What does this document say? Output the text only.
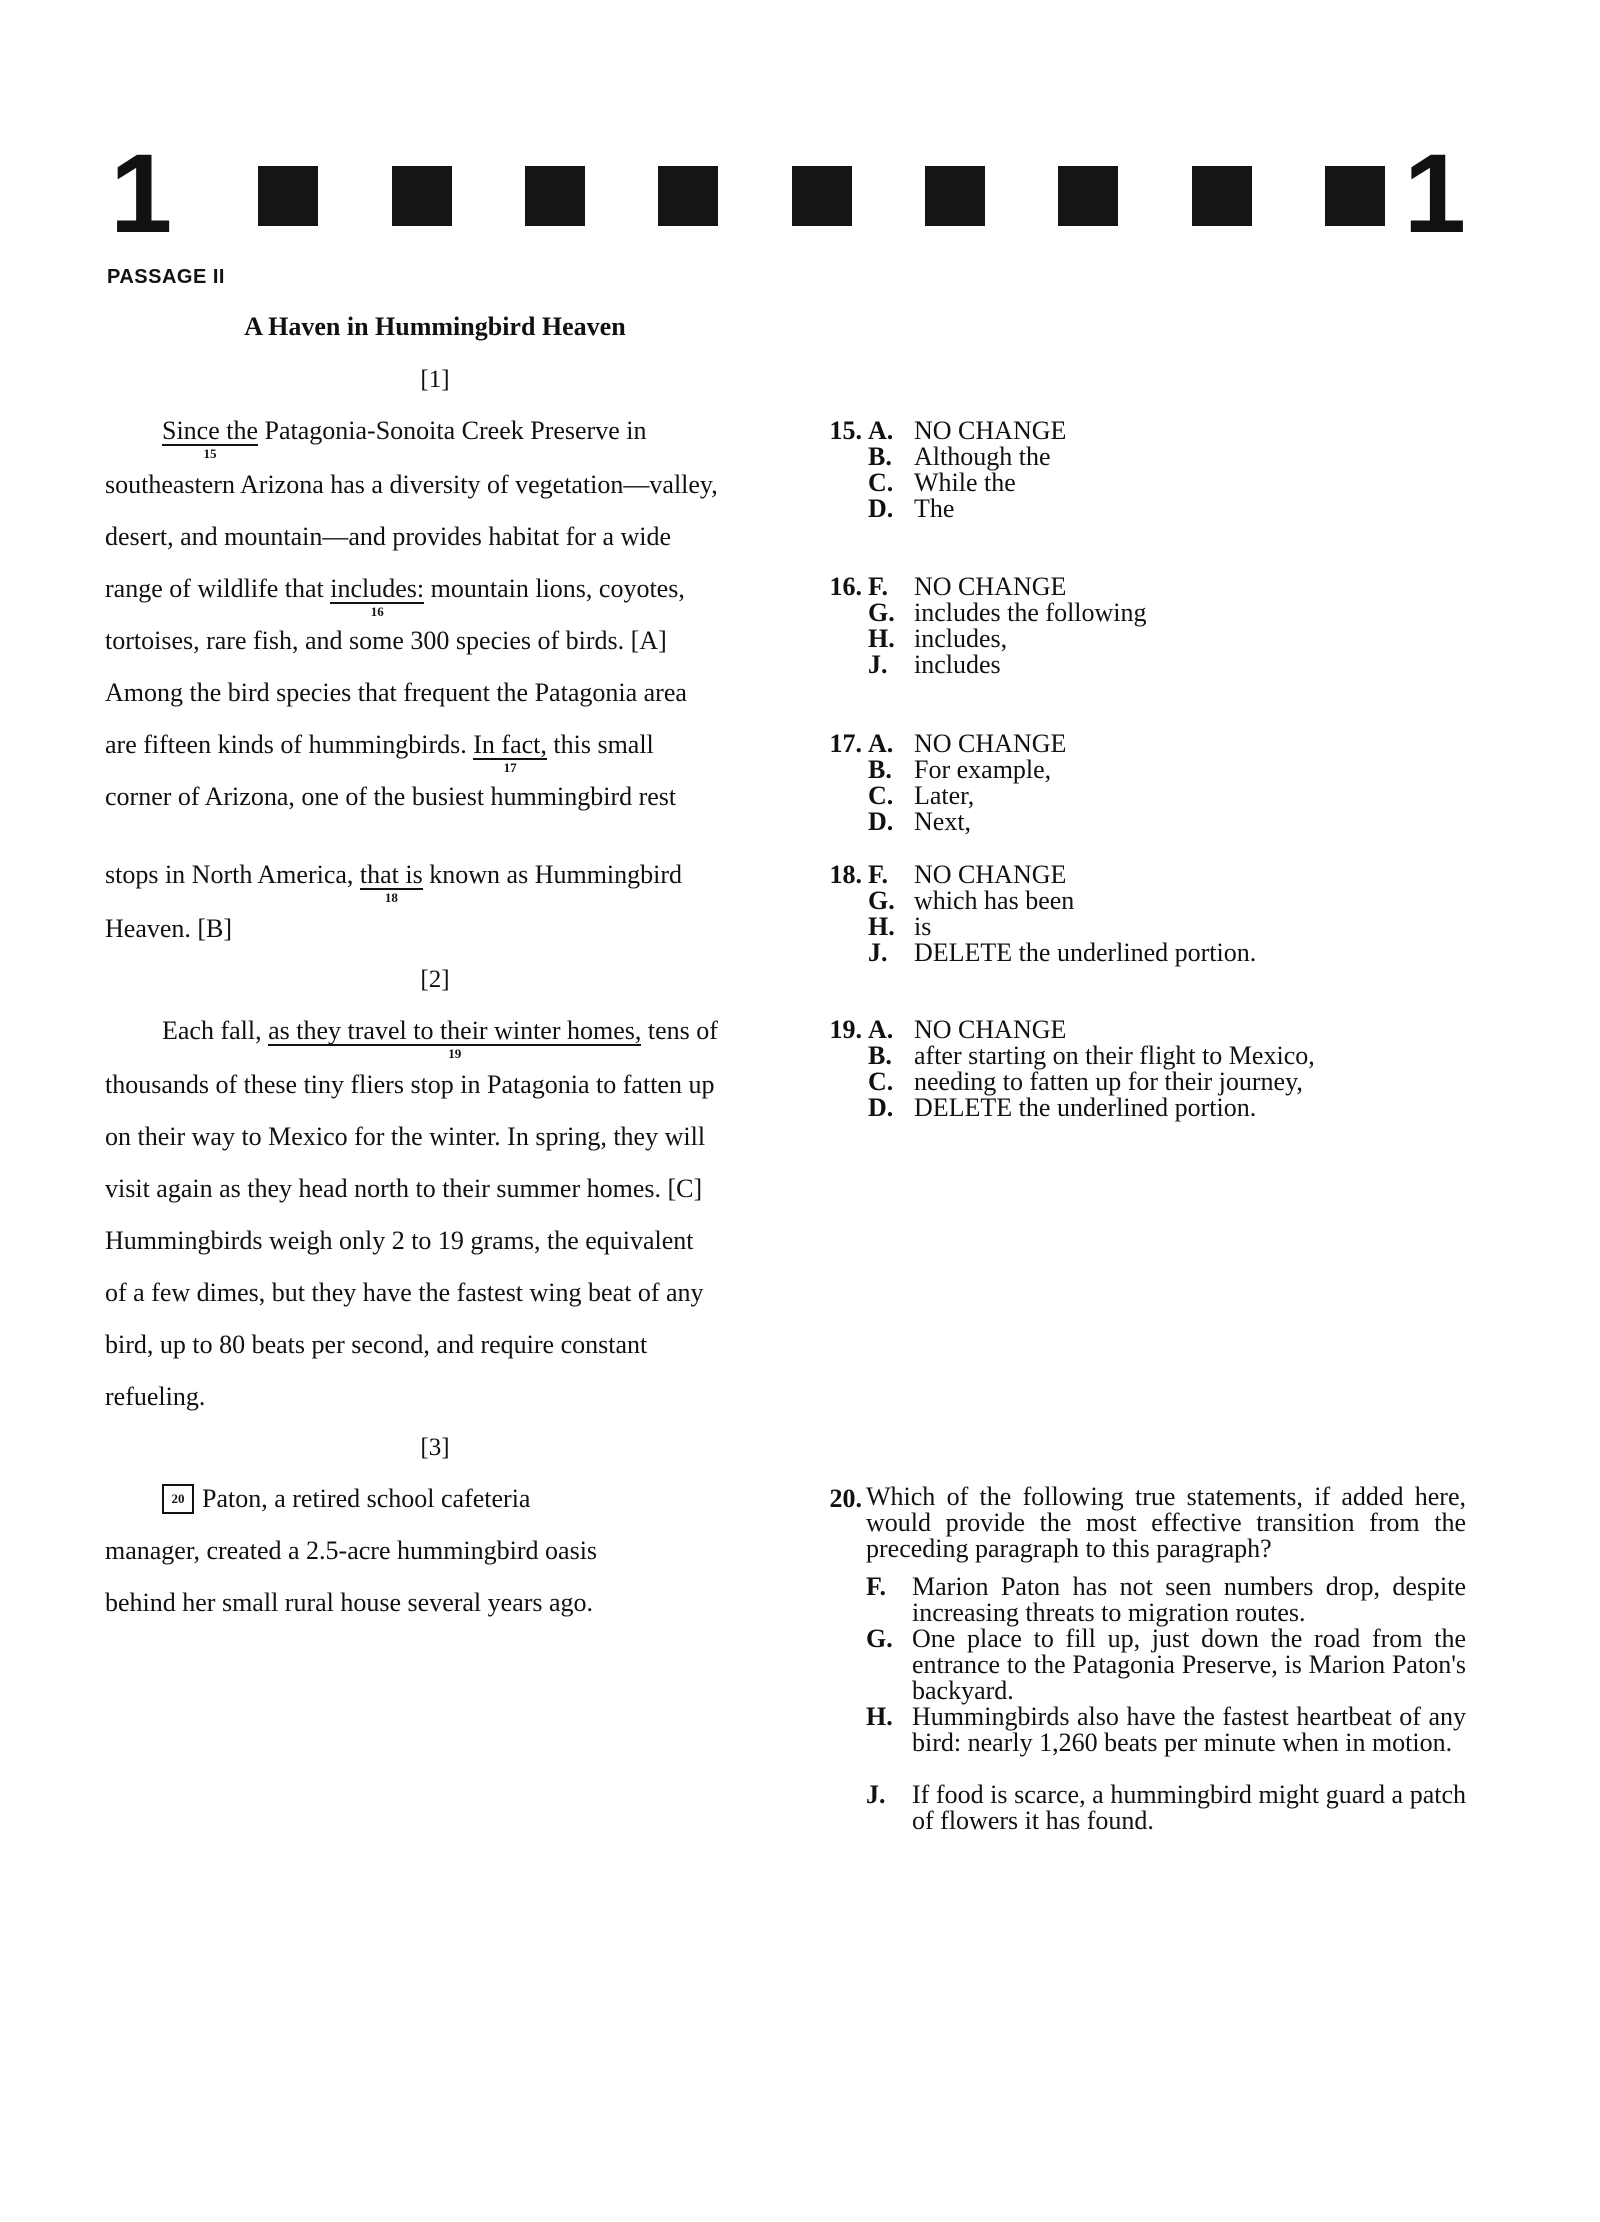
1	1
PASSAGE II
A Haven in Hummingbird Heaven
[1]
Since the
15
Patagonia-Sonoita Creek Preserve in
southeastern Arizona has a diversity of vegetation—valley,
desert, and mountain—and provides habitat for a wide
range of wildlife that includes:
16
mountain lions, coyotes,
tortoises, rare fish, and some 300 species of birds. [A]
Among the bird species that frequent the Patagonia area
are fifteen kinds of hummingbirds. In fact,
17
this small
corner of Arizona, one of the busiest hummingbird rest
stops in North America, that is
18
known as Hummingbird
Heaven. [B]
[2]
Each fall, as they travel to their winter homes,
19
tens of
thousands of these tiny fliers stop in Patagonia to fatten up
on their way to Mexico for the winter. In spring, they will
visit again as they head north to their summer homes. [C]
Hummingbirds weigh only 2 to 19 grams, the equivalent
of a few dimes, but they have the fastest wing beat of any
bird, up to 80 beats per second, and require constant
refueling.
[3]
20 Paton, a retired school cafeteria
manager, created a 2.5-acre hummingbird oasis
behind her small rural house several years ago.
15. A. NO CHANGE
B. Although the
C. While the
D. The
16. F.	NO CHANGE
G. includes the following
H. includes,
J.	includes
17. A. NO CHANGE
B. For example,
C. Later,
D. Next,
18. F.	NO CHANGE
G. which has been
H. is
J.	DELETE the underlined portion.
19. A. NO CHANGE
B. after starting on their flight to Mexico,
C. needing to fatten up for their journey,
D. DELETE the underlined portion.
20. Which of the following true statements, if added here, would provide the most effective transition from the preceding paragraph to this paragraph?
F.	Marion Paton has not seen numbers drop, despite increasing threats to migration routes.
G. One place to fill up, just down the road from the entrance to the Patagonia Preserve, is Marion Paton's backyard.
H. Hummingbirds also have the fastest heartbeat of any bird: nearly 1,260 beats per minute when in motion.
J.	If food is scarce, a hummingbird might guard a patch of flowers it has found.
